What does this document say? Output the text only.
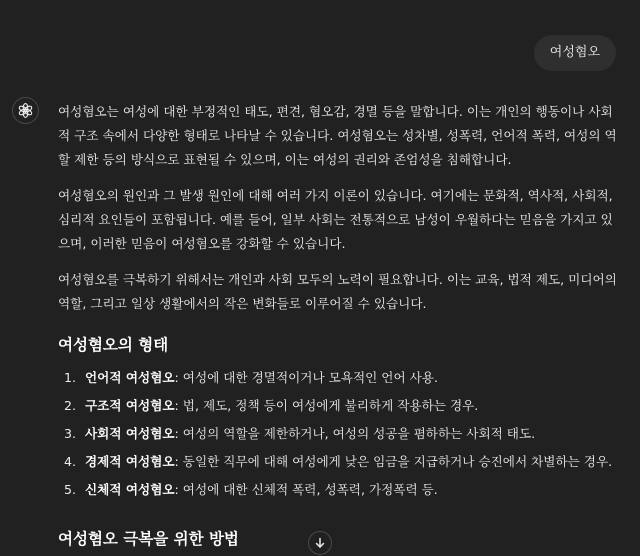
여성혐오

여성혐오는 여성에 대한 부정적인 태도, 편견, 혐오감, 경멸 등을 말합니다. 이는 개인의 행동이나 사회적 구조 속에서 다양한 형태로 나타날 수 있습니다. 여성혐오는 성차별, 성폭력, 언어적 폭력, 여성의 역할 제한 등의 방식으로 표현될 수 있으며, 이는 여성의 권리와 존엄성을 침해합니다.

여성혐오의 원인과 그 발생 원인에 대해 여러 가지 이론이 있습니다. 여기에는 문화적, 역사적, 사회적, 심리적 요인들이 포함됩니다. 예를 들어, 일부 사회는 전통적으로 남성이 우월하다는 믿음을 가지고 있으며, 이러한 믿음이 여성혐오를 강화할 수 있습니다.

여성혐오를 극복하기 위해서는 개인과 사회 모두의 노력이 필요합니다. 이는 교육, 법적 제도, 미디어의 역할, 그리고 일상 생활에서의 작은 변화들로 이루어질 수 있습니다.

여성혐오의 형태
1. 언어적 여성혐오: 여성에 대한 경멸적이거나 모욕적인 언어 사용.
2. 구조적 여성혐오: 법, 제도, 정책 등이 여성에게 불리하게 작용하는 경우.
3. 사회적 여성혐오: 여성의 역할을 제한하거나, 여성의 성공을 폄하하는 사회적 태도.
4. 경제적 여성혐오: 동일한 직무에 대해 여성에게 낮은 임금을 지급하거나 승진에서 차별하는 경우.
5. 신체적 여성혐오: 여성에 대한 신체적 폭력, 성폭력, 가정폭력 등.
여성혐오 극복을 위한 방법
